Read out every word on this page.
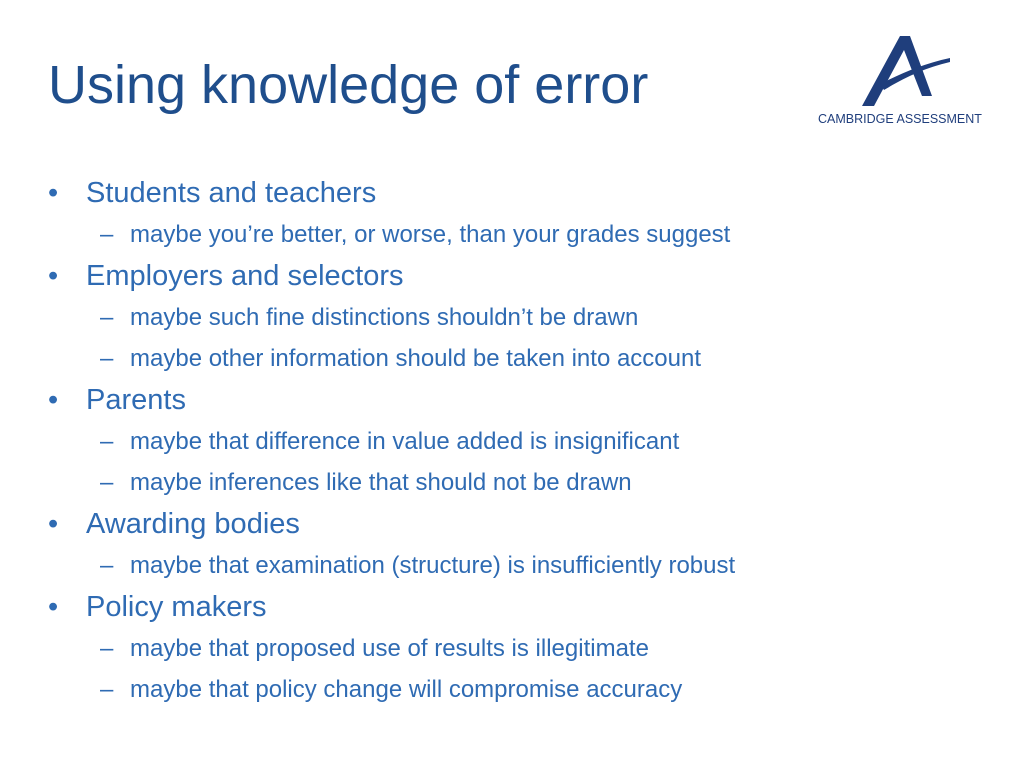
Using knowledge of error
CAMBRIDGE ASSESSMENT
• Students and teachers
– maybe you’re better, or worse, than your grades suggest
• Employers and selectors
– maybe such fine distinctions shouldn’t be drawn
– maybe other information should be taken into account
• Parents
– maybe that difference in value added is insignificant
– maybe inferences like that should not be drawn
• Awarding bodies
– maybe that examination (structure) is insufficiently robust
• Policy makers
– maybe that proposed use of results is illegitimate
– maybe that policy change will compromise accuracy
